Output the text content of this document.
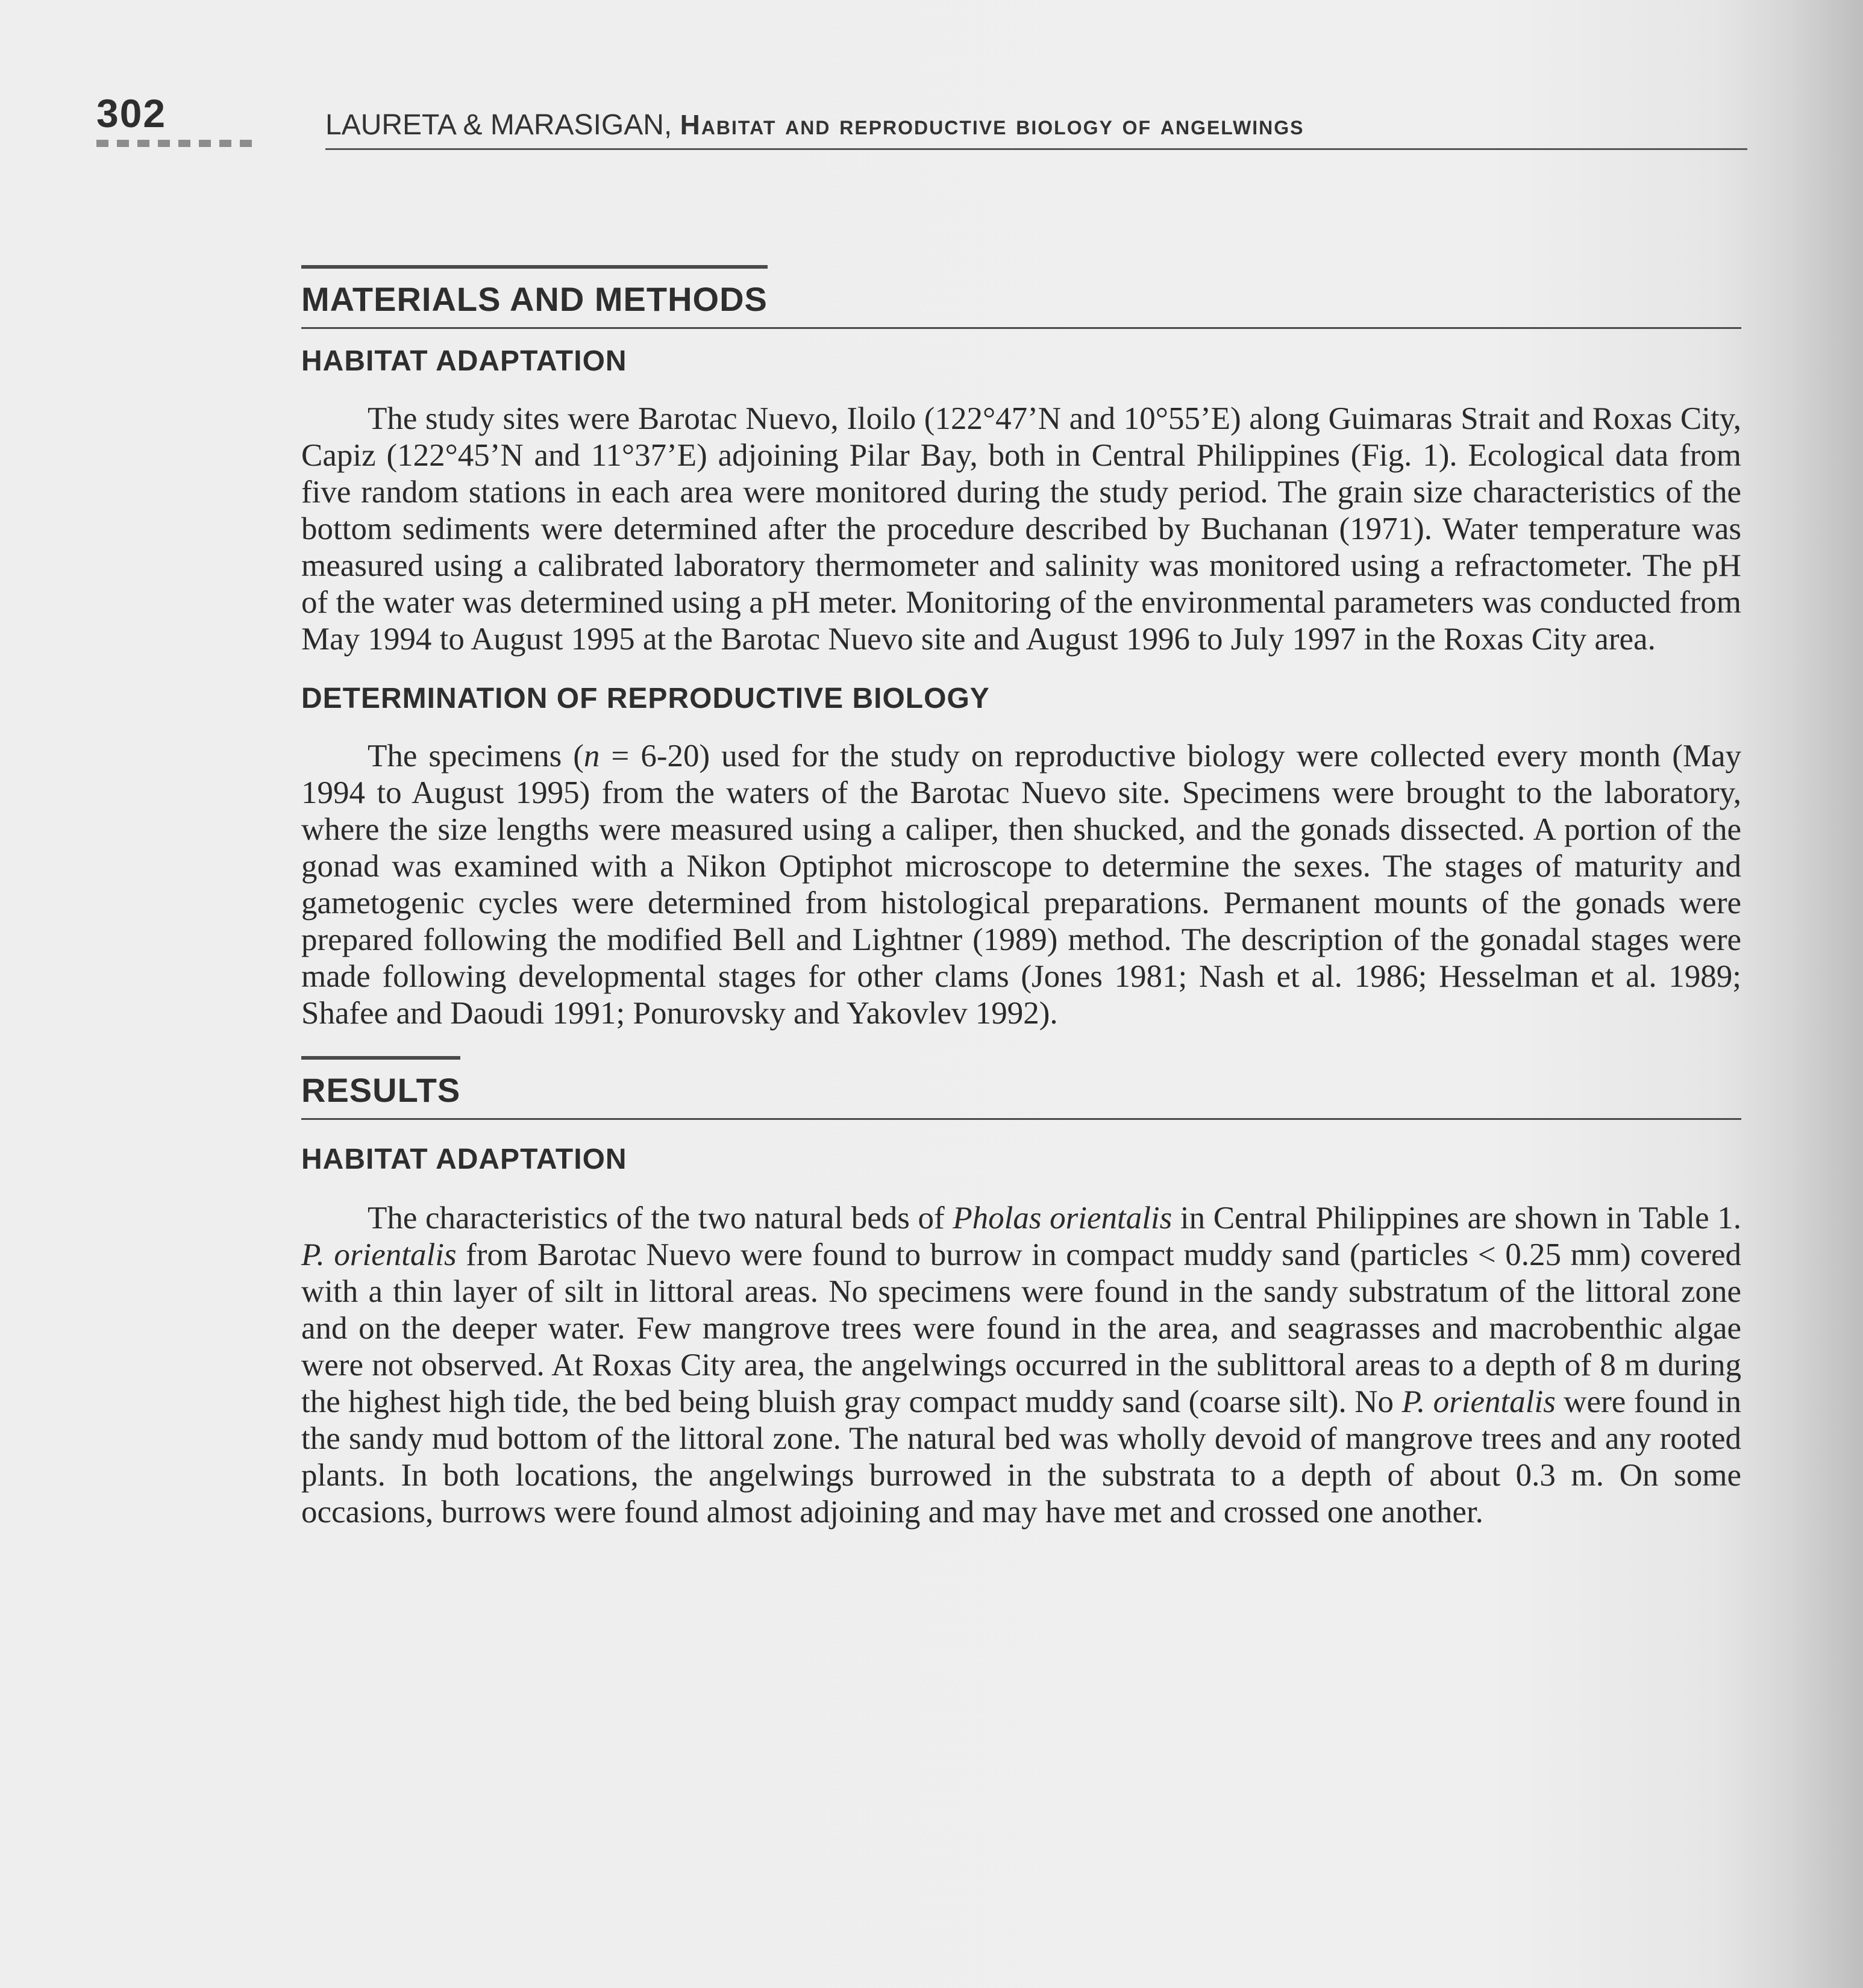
302	LAURETA & MARASIGAN, Habitat and reproductive biology of angelwings
MATERIALS AND METHODS
HABITAT ADAPTATION

The study sites were Barotac Nuevo, Iloilo (122°47’N and 10°55’E) along Guimaras Strait and Roxas City, Capiz (122°45’N and 11°37’E) adjoining Pilar Bay, both in Central Philippines (Fig. 1). Ecological data from five random stations in each area were monitored during the study period. The grain size characteristics of the bottom sediments were determined after the procedure described by Buchanan (1971). Water temperature was measured using a calibrated laboratory thermometer and salinity was monitored using a refractometer. The pH of the water was determined using a pH meter. Monitoring of the environmental parameters was conducted from May 1994 to August 1995 at the Barotac Nuevo site and August 1996 to July 1997 in the Roxas City area.

DETERMINATION OF REPRODUCTIVE BIOLOGY

The specimens (n = 6-20) used for the study on reproductive biology were collected every month (May 1994 to August 1995) from the waters of the Barotac Nuevo site. Specimens were brought to the laboratory, where the size lengths were measured using a caliper, then shucked, and the gonads dissected. A portion of the gonad was examined with a Nikon Optiphot microscope to determine the sexes. The stages of maturity and gametogenic cycles were determined from histological preparations. Permanent mounts of the gonads were prepared following the modified Bell and Lightner (1989) method. The description of the gonadal stages were made following developmental stages for other clams (Jones 1981; Nash et al. 1986; Hesselman et al. 1989; Shafee and Daoudi 1991; Ponurovsky and Yakovlev 1992).

RESULTS
HABITAT ADAPTATION

The characteristics of the two natural beds of Pholas orientalis in Central Philippines are shown in Table 1. P. orientalis from Barotac Nuevo were found to burrow in compact muddy sand (particles < 0.25 mm) covered with a thin layer of silt in littoral areas. No specimens were found in the sandy substratum of the littoral zone and on the deeper water. Few mangrove trees were found in the area, and seagrasses and macrobenthic algae were not observed. At Roxas City area, the angelwings occurred in the sublittoral areas to a depth of 8 m during the highest high tide, the bed being bluish gray compact muddy sand (coarse silt). No P. orientalis were found in the sandy mud bottom of the littoral zone. The natural bed was wholly devoid of mangrove trees and any rooted plants. In both locations, the angelwings burrowed in the substrata to a depth of about 0.3 m. On some occasions, burrows were found almost adjoining and may have met and crossed one another.
